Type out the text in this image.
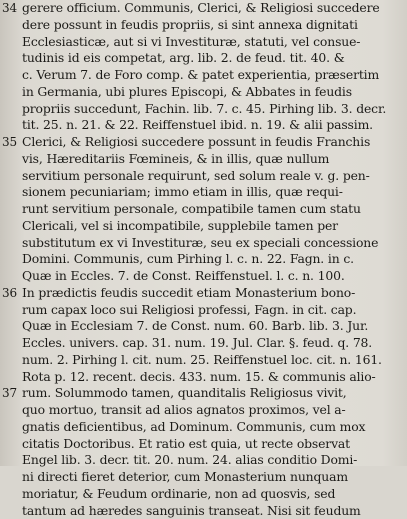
34 gerere officium. Communis, Clerici, & Religiosi succedere
dere possunt in feudis propriis, si sint annexa dignitati
Ecclesiasticæ, aut si vi Investituræ, statuti, vel consue-
tudinis id eis competat, arg. lib. 2. de feud. tit. 40. &
c. Verum 7. de Foro comp. & patet experientia, præsertim
in Germania, ubi plures Episcopi, & Abbates in feudis
propriis succedunt, Fachin. lib. 7. c. 45. Pirhing lib. 3. decr.
tit. 25. n. 21. & 22. Reiffenstuel ibid. n. 19. & alii passim.
35 Clerici, & Religiosi succedere possunt in feudis Franchis
vis, Hæreditariis Fœmineis, & in illis, quæ nullum
servitium personale requirunt, sed solum reale v. g. pen-
sionem pecuniariam; immo etiam in illis, quæ requi-
runt servitium personale, compatibile tamen cum statu
Clericali, vel si incompatibile, supplebile tamen per
substitutum ex vi Investituræ, seu ex speciali concessione
Domini. Communis, cum Pirhing l. c. n. 22. Fagn. in c.
Quæ in Eccles. 7. de Const. Reiffenstuel. l. c. n. 100.
36 In prædictis feudis succedit etiam Monasterium bono-
rum capax loco sui Religiosi professi, Fagn. in cit. cap.
Quæ in Ecclesiam 7. de Const. num. 60. Barb. lib. 3. Jur.
Eccles. univers. cap. 31. num. 19. Jul. Clar. §. feud. q. 78.
num. 2. Pirhing l. cit. num. 25. Reiffenstuel loc. cit. n. 161.
Rota p. 12. recent. decis. 433. num. 15. & communis alio-
37 rum. Solummodo tamen, quanditalis Religiosus vivit,
quo mortuo, transit ad alios agnatos proximos, vel a-
gnatis deficientibus, ad Dominum. Communis, cum mox
citatis Doctoribus. Et ratio est quia, ut recte observat
Engel lib. 3. decr. tit. 20. num. 24. alias conditio Domi-
ni directi fieret deterior, cum Monasterium nunquam
moriatur, & Feudum ordinarie, non ad quosvis, sed
tantum ad hæredes sanguinis transeat. Nisi sit feudum
